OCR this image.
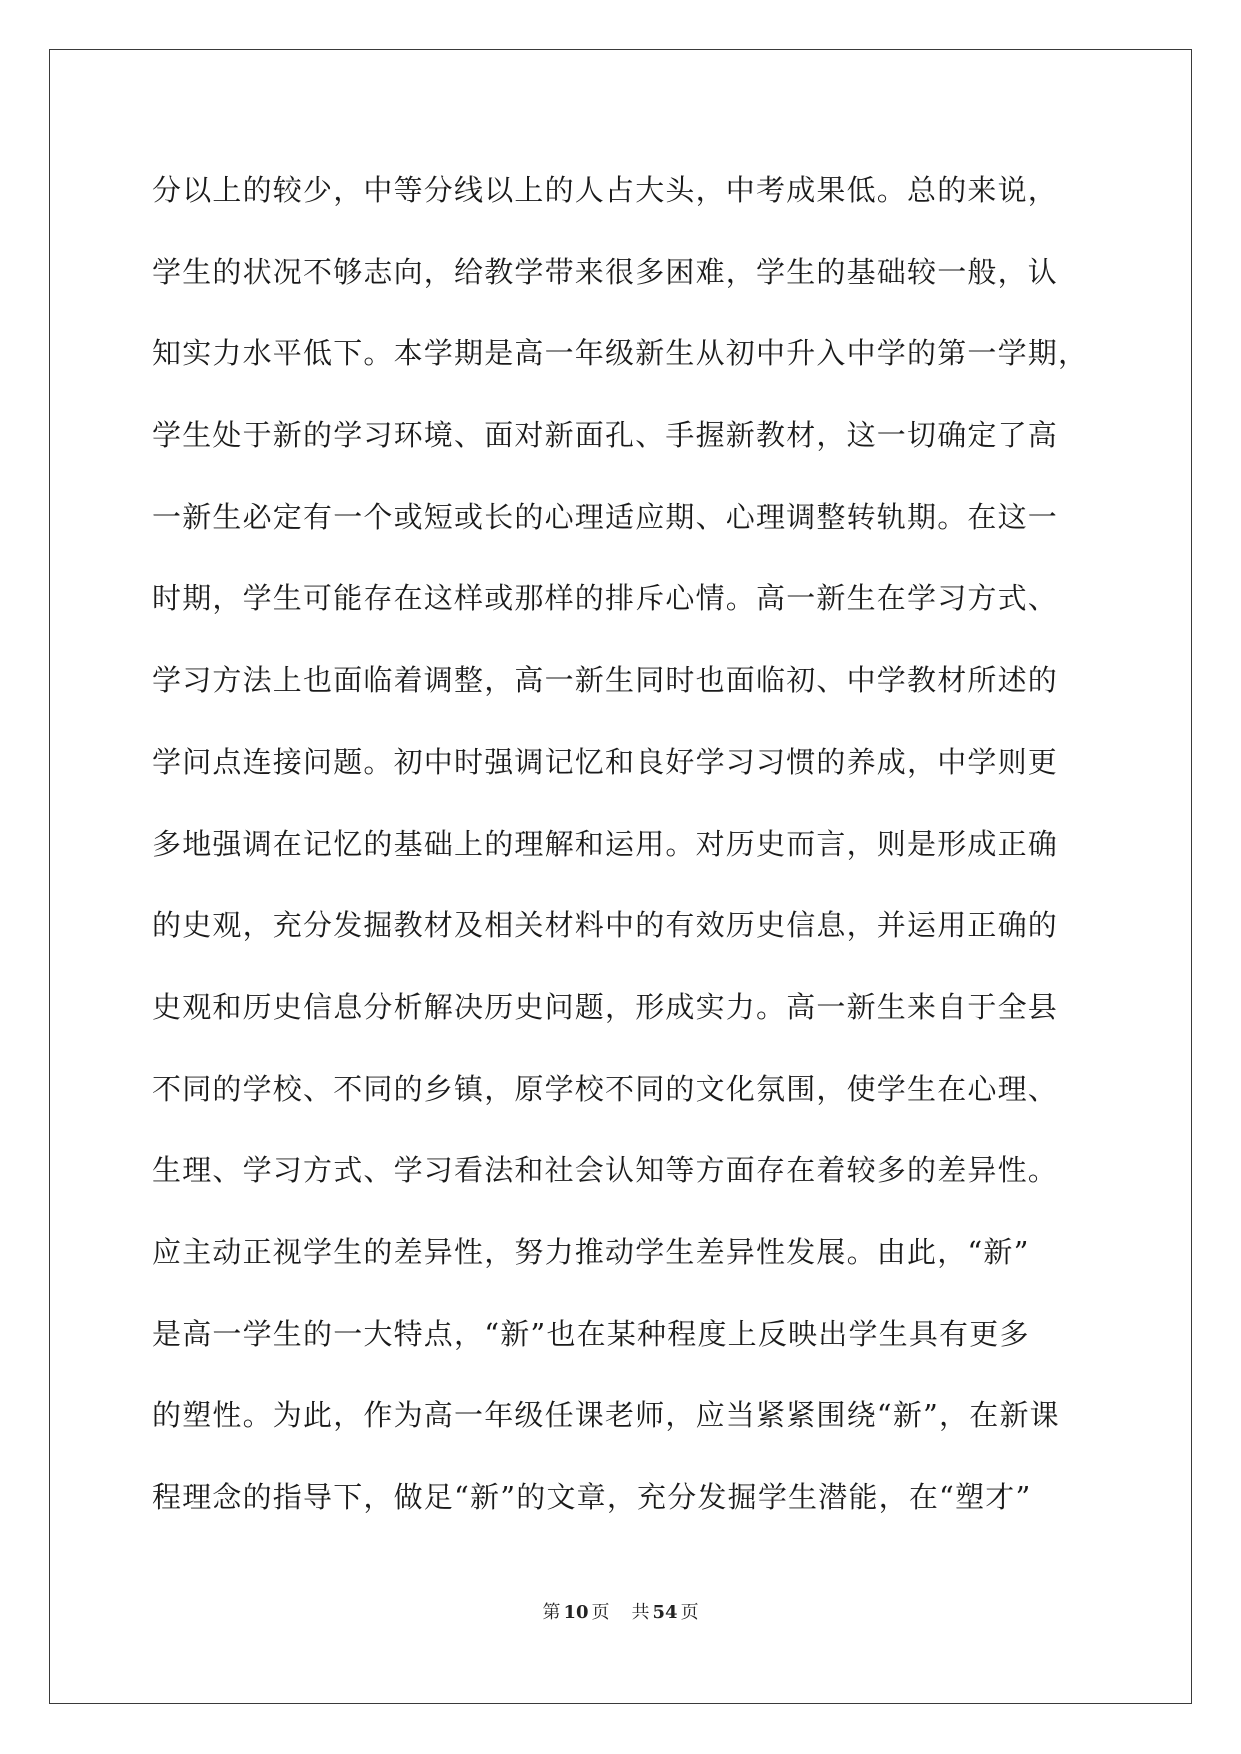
分以上的较少，中等分线以上的人占大头，中考成果低。总的来说，
学生的状况不够志向，给教学带来很多困难，学生的基础较一般，认
知实力水平低下。本学期是高一年级新生从初中升入中学的第一学期，
学生处于新的学习环境、面对新面孔、手握新教材，这一切确定了高
一新生必定有一个或短或长的心理适应期、心理调整转轨期。在这一
时期，学生可能存在这样或那样的排斥心情。高一新生在学习方式、
学习方法上也面临着调整，高一新生同时也面临初、中学教材所述的
学问点连接问题。初中时强调记忆和良好学习习惯的养成，中学则更
多地强调在记忆的基础上的理解和运用。对历史而言，则是形成正确
的史观，充分发掘教材及相关材料中的有效历史信息，并运用正确的
史观和历史信息分析解决历史问题，形成实力。高一新生来自于全县
不同的学校、不同的乡镇，原学校不同的文化氛围，使学生在心理、
生理、学习方式、学习看法和社会认知等方面存在着较多的差异性。
应主动正视学生的差异性，努力推动学生差异性发展。由此，“新”
是高一学生的一大特点，“新”也在某种程度上反映出学生具有更多
的塑性。为此，作为高一年级任课老师，应当紧紧围绕“新”，在新课
程理念的指导下，做足“新”的文章，充分发掘学生潜能，在“塑才”
第 10 页 共 54 页
